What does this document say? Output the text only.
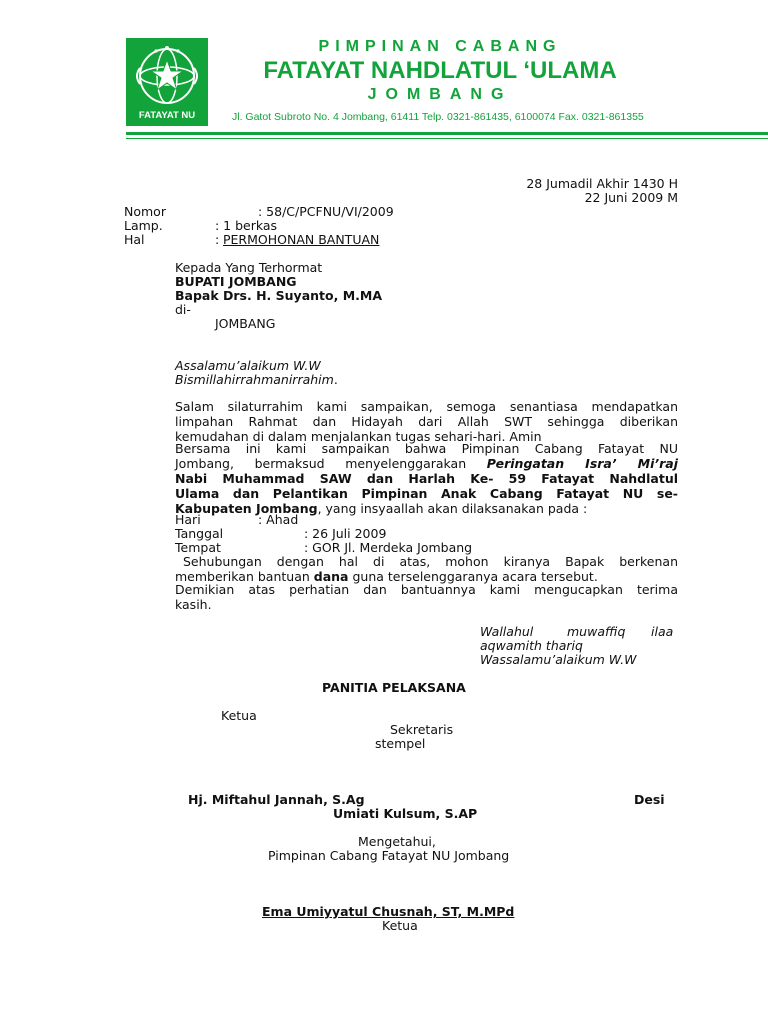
FATAYAT NU
PIMPINAN CABANG
FATAYAT NAHDLATUL ‘ULAMA
JOMBANG
Jl. Gatot Subroto No. 4 Jombang, 61411 Telp. 0321-861435, 6100074 Fax. 0321-861355
28 Jumadil Akhir 1430 H
22 Juni 2009 M
Nomor	: 58/C/PCFNU/VI/2009
Lamp.	: 1 berkas
Hal	: PERMOHONAN BANTUAN
Kepada Yang Terhormat
BUPATI JOMBANG
Bapak Drs. H. Suyanto, M.MA
di-
JOMBANG
Assalamu’alaikum W.W
Bismillahirrahmanirrahim.
Salam silaturrahim kami sampaikan, semoga senantiasa mendapatkan
limpahan Rahmat dan Hidayah dari Allah SWT sehingga diberikan
kemudahan di dalam menjalankan tugas sehari-hari. Amin
Bersama ini kami sampaikan bahwa Pimpinan Cabang Fatayat NU
Jombang, bermaksud menyelenggarakan Peringatan Isra’ Mi’raj
Nabi Muhammad SAW dan Harlah Ke- 59 Fatayat Nahdlatul
Ulama dan Pelantikan Pimpinan Anak Cabang Fatayat NU se-
Kabupaten Jombang, yang insyaallah akan dilaksanakan pada :
Hari	: Ahad
Tanggal	: 26 Juli 2009
Tempat	: GOR Jl. Merdeka Jombang
Sehubungan dengan hal di atas, mohon kiranya Bapak berkenan
memberikan bantuan dana guna terselenggaranya acara tersebut.
Demikian atas perhatian dan bantuannya kami mengucapkan terima
kasih.
Wallahul	muwaffiq ilaa
aqwamith thariq
Wassalamu’alaikum W.W
PANITIA PELAKSANA
Ketua
Sekretaris
stempel
Hj. Miftahul Jannah, S.Ag	Desi
Umiati Kulsum, S.AP
Mengetahui,
Pimpinan Cabang Fatayat NU Jombang
Ema Umiyyatul Chusnah, ST, M.MPd
Ketua
